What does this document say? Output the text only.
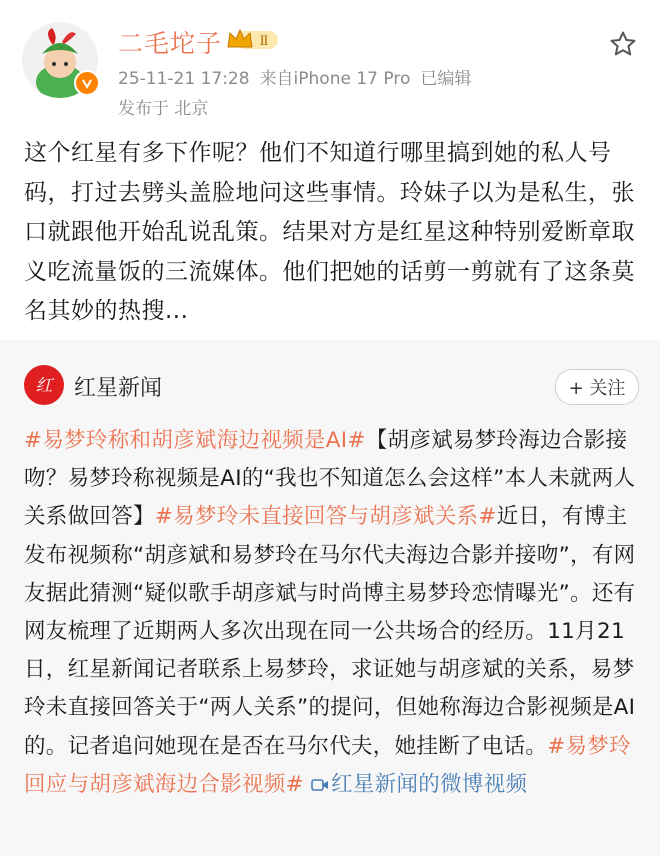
二毛坨子	Ⅱ
25-11-21 17:28 来自iPhone 17 Pro 已编辑
发布于 北京
这个红星有多下作呢？他们不知道行哪里搞到她的私人号码，打过去劈头盖脸地问这些事情。玲妹子以为是私生，张口就跟他开始乱说乱策。结果对方是红星这种特别爱断章取义吃流量饭的三流媒体。他们把她的话剪一剪就有了这条莫名其妙的热搜...
红 红星新闻	+ 关注
#易梦玲称和胡彦斌海边视频是AI#【胡彦斌易梦玲海边合影接吻？易梦玲称视频是AI的“我也不知道怎么会这样”本人未就两人关系做回答】#易梦玲未直接回答与胡彦斌关系#近日，有博主发布视频称“胡彦斌和易梦玲在马尔代夫海边合影并接吻”，有网友据此猜测“疑似歌手胡彦斌与时尚博主易梦玲恋情曝光”。还有网友梳理了近期两人多次出现在同一公共场合的经历。11月21日，红星新闻记者联系上易梦玲，求证她与胡彦斌的关系，易梦玲未直接回答关于“两人关系”的提问，但她称海边合影视频是AI的。记者追问她现在是否在马尔代夫，她挂断了电话。#易梦玲回应与胡彦斌海边合影视频# 红星新闻的微博视频
